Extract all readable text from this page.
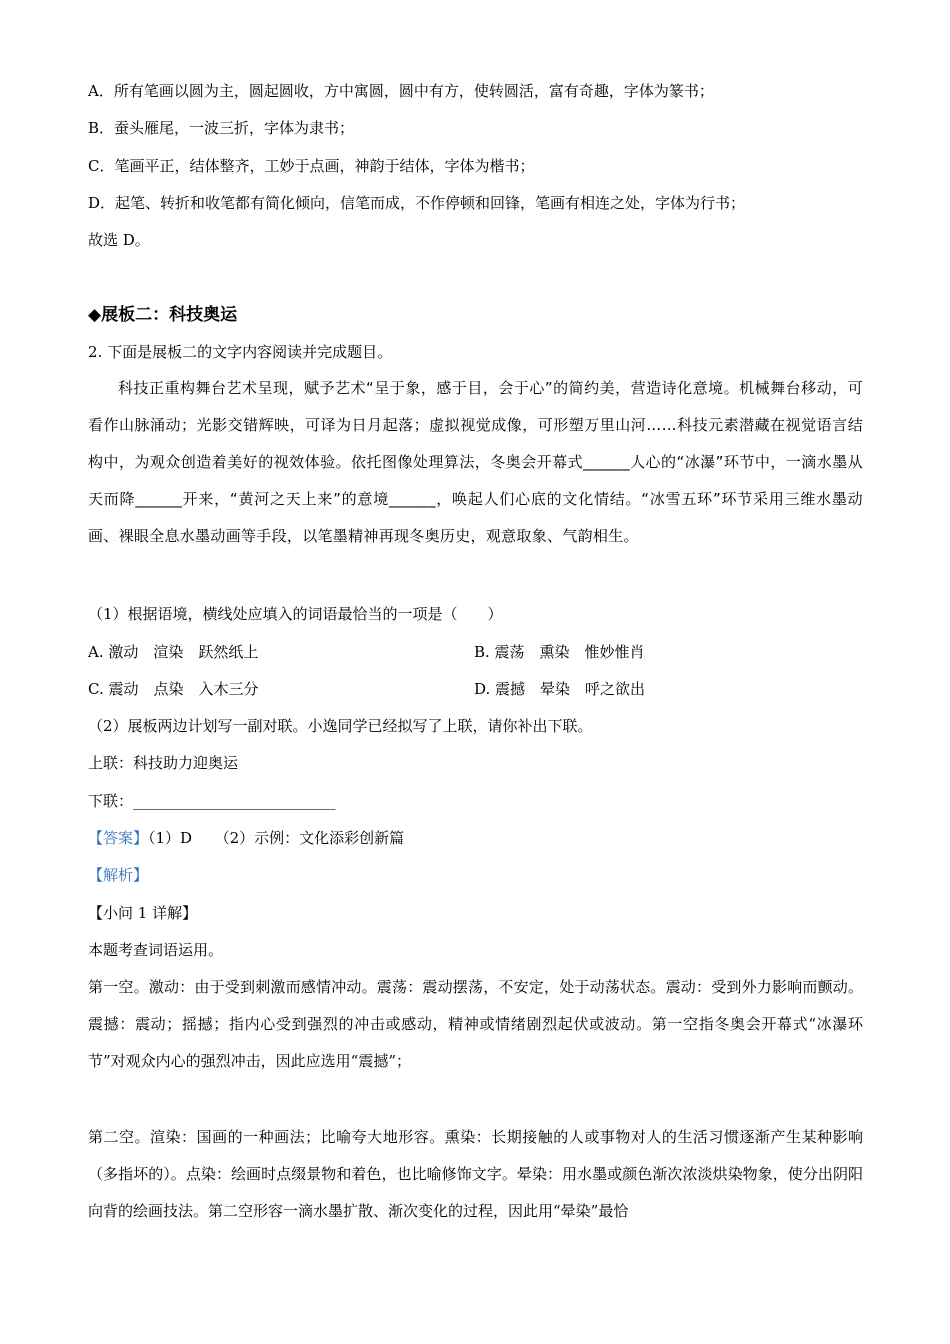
A．所有笔画以圆为主，圆起圆收，方中寓圆，圆中有方，使转圆活，富有奇趣，字体为篆书；
B．蚕头雁尾，一波三折，字体为隶书；
C．笔画平正，结体整齐，工妙于点画，神韵于结体，字体为楷书；
D．起笔、转折和收笔都有简化倾向，信笔而成，不作停顿和回锋，笔画有相连之处，字体为行书；
故选 D。
◆展板二：科技奥运
2. 下面是展板二的文字内容阅读并完成题目。
科技正重构舞台艺术呈现，赋予艺术“呈于象，感于目，会于心”的简约美，营造诗化意境。机械舞台移动，可看作山脉涌动；光影交错辉映，可译为日月起落；虚拟视觉成像，可形塑万里山河……科技元素潜藏在视觉语言结构中，为观众创造着美好的视效体验。依托图像处理算法，冬奥会开幕式______人心的“冰瀑”环节中，一滴水墨从天而降______开来，“黄河之天上来”的意境______，唤起人们心底的文化情结。“冰雪五环”环节采用三维水墨动画、裸眼全息水墨动画等手段，以笔墨精神再现冬奥历史，观意取象、气韵相生。
（1）根据语境，横线处应填入的词语最恰当的一项是（　　）
A. 激动　渲染　跃然纸上	B. 震荡　熏染　惟妙惟肖
C. 震动　点染　入木三分	D. 震撼　晕染　呼之欲出
（2）展板两边计划写一副对联。小逸同学已经拟写了上联，请你补出下联。
上联：科技助力迎奥运
下联：___________________________
【答案】（1）D　　（2）示例：文化添彩创新篇
【解析】
【小问 1 详解】
本题考查词语运用。
第一空。激动：由于受到刺激而感情冲动。震荡：震动摆荡，不安定，处于动荡状态。震动：受到外力影响而颤动。震撼：震动；摇撼；指内心受到强烈的冲击或感动，精神或情绪剧烈起伏或波动。第一空指冬奥会开幕式“冰瀑环节”对观众内心的强烈冲击，因此应选用“震撼”；
第二空。渲染：国画的一种画法；比喻夸大地形容。熏染：长期接触的人或事物对人的生活习惯逐渐产生某种影响（多指坏的）。点染：绘画时点缀景物和着色，也比喻修饰文字。晕染：用水墨或颜色渐次浓淡烘染物象，使分出阴阳向背的绘画技法。第二空形容一滴水墨扩散、渐次变化的过程，因此用“晕染”最恰
